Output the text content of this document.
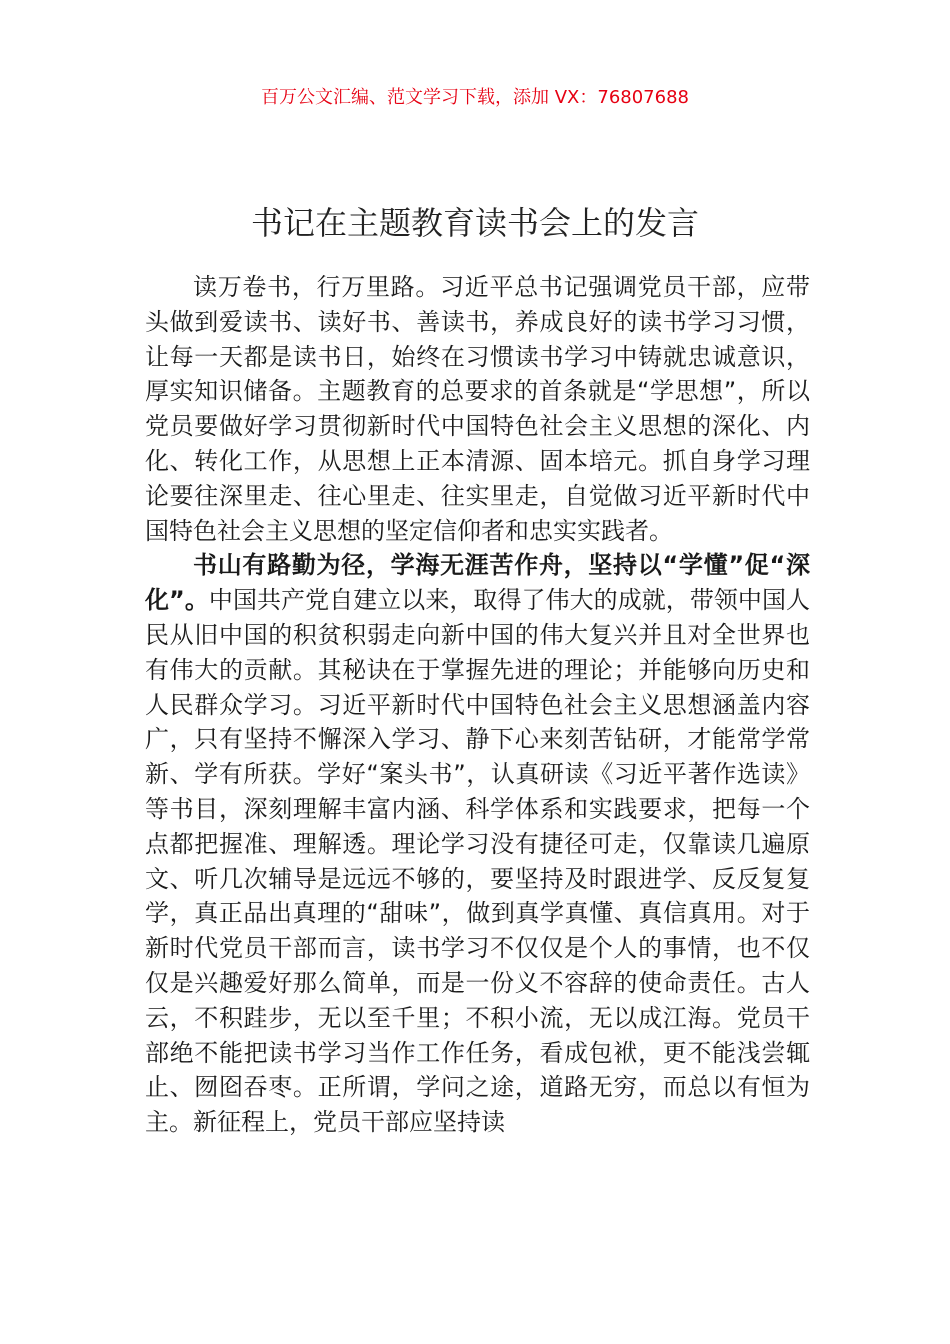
百万公文汇编、范文学习下载，添加 VX：76807688
书记在主题教育读书会上的发言

读万卷书，行万里路。习近平总书记强调党员干部，应带头做到爱读书、读好书、善读书，养成良好的读书学习习惯，让每一天都是读书日，始终在习惯读书学习中铸就忠诚意识，厚实知识储备。主题教育的总要求的首条就是“学思想”，所以党员要做好学习贯彻新时代中国特色社会主义思想的深化、内化、转化工作，从思想上正本清源、固本培元。抓自身学习理论要往深里走、往心里走、往实里走，自觉做习近平新时代中国特色社会主义思想的坚定信仰者和忠实实践者。

书山有路勤为径，学海无涯苦作舟，坚持以“学懂”促“深化”。中国共产党自建立以来，取得了伟大的成就，带领中国人民从旧中国的积贫积弱走向新中国的伟大复兴并且对全世界也有伟大的贡献。其秘诀在于掌握先进的理论；并能够向历史和人民群众学习。习近平新时代中国特色社会主义思想涵盖内容广，只有坚持不懈深入学习、静下心来刻苦钻研，才能常学常新、学有所获。学好“案头书”，认真研读《习近平著作选读》等书目，深刻理解丰富内涵、科学体系和实践要求，把每一个点都把握准、理解透。理论学习没有捷径可走，仅靠读几遍原文、听几次辅导是远远不够的，要坚持及时跟进学、反反复复学，真正品出真理的“甜味”，做到真学真懂、真信真用。对于新时代党员干部而言，读书学习不仅仅是个人的事情，也不仅仅是兴趣爱好那么简单，而是一份义不容辞的使命责任。古人云，不积跬步，无以至千里；不积小流，无以成江海。党员干部绝不能把读书学习当作工作任务，看成包袱，更不能浅尝辄止、囫囵吞枣。正所谓，学问之途，道路无穷，而总以有恒为主。新征程上，党员干部应坚持读
